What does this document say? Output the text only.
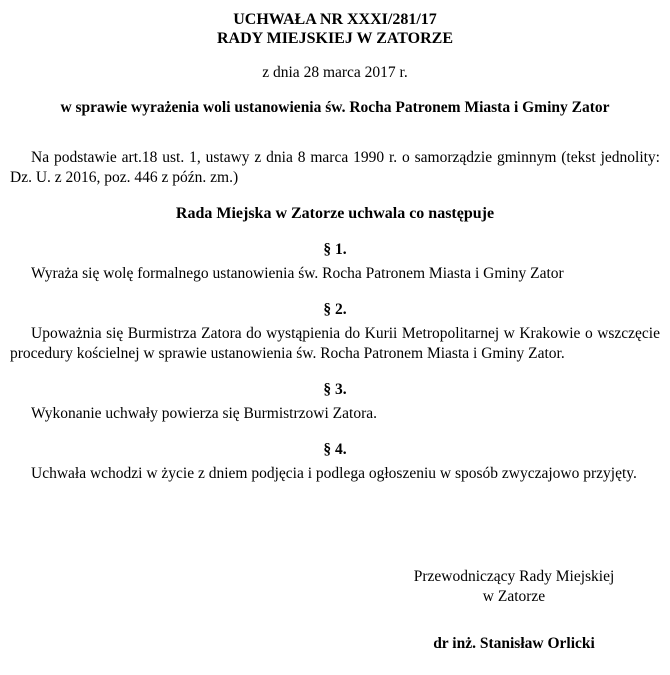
UCHWAŁA NR XXXI/281/17
RADY MIEJSKIEJ W ZATORZE
z dnia 28 marca 2017 r.
w sprawie wyrażenia woli ustanowienia św. Rocha Patronem Miasta i Gminy Zator

Na podstawie art.18 ust. 1, ustawy z dnia 8 marca 1990 r. o samorządzie gminnym (tekst jednolity: Dz. U. z 2016, poz. 446 z późn. zm.)

Rada Miejska w Zatorze uchwala co następuje
§ 1.

Wyraża się wolę formalnego ustanowienia św. Rocha Patronem Miasta i Gminy Zator

§ 2.

Upoważnia się Burmistrza Zatora do wystąpienia do Kurii Metropolitarnej w Krakowie o wszczęcie procedury kościelnej w sprawie ustanowienia św. Rocha Patronem Miasta i Gminy Zator.

§ 3.

Wykonanie uchwały powierza się Burmistrzowi Zatora.

§ 4.

Uchwała wchodzi w życie z dniem podjęcia i podlega ogłoszeniu w sposób zwyczajowo przyjęty.

Przewodniczący Rady Miejskiej
w Zatorze
dr inż. Stanisław Orlicki
